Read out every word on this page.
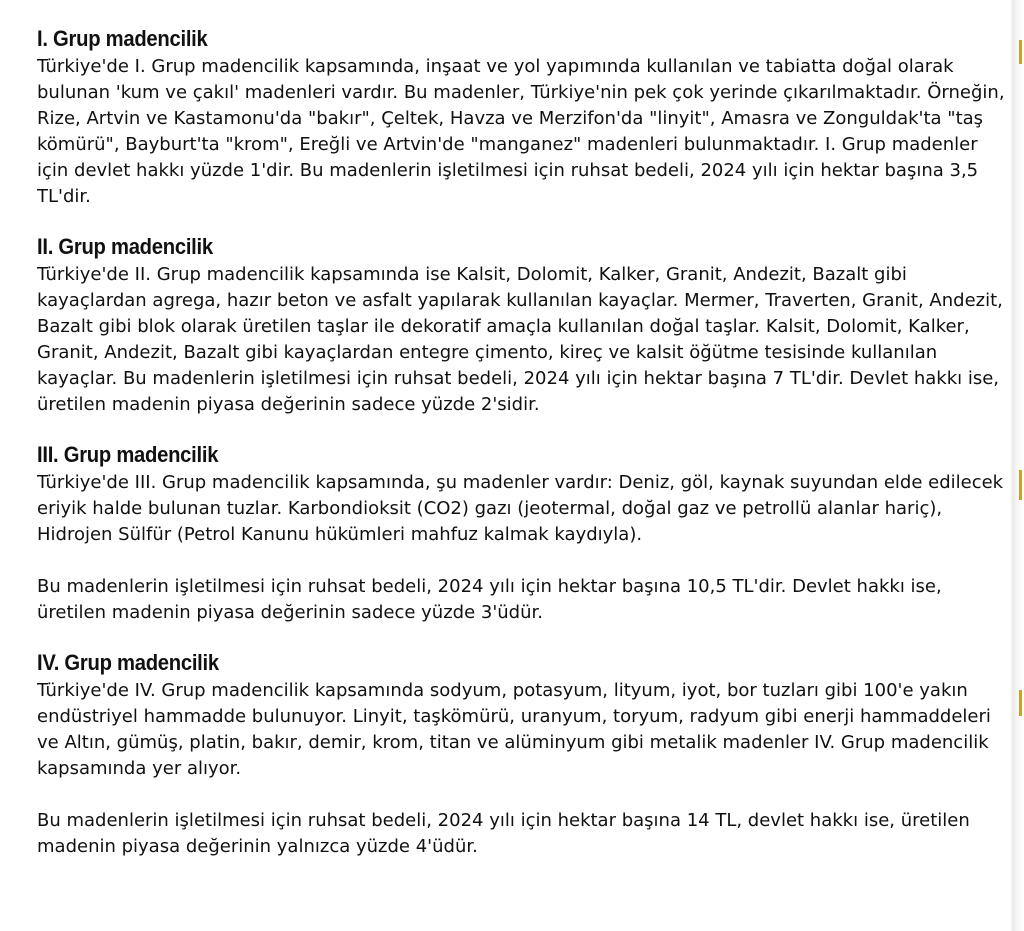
I. Grup madencilik

Türkiye'de I. Grup madencilik kapsamında, inşaat ve yol yapımında kullanılan ve tabiatta doğal olarak bulunan 'kum ve çakıl' madenleri vardır. Bu madenler, Türkiye'nin pek çok yerinde çıkarılmaktadır. Örneğin, Rize, Artvin ve Kastamonu'da "bakır", Çeltek, Havza ve Merzifon'da "linyit", Amasra ve Zonguldak'ta "taş kömürü", Bayburt'ta "krom", Ereğli ve Artvin'de "manganez" madenleri bulunmaktadır. I. Grup madenler için devlet hakkı yüzde 1'dir. Bu madenlerin işletilmesi için ruhsat bedeli, 2024 yılı için hektar başına 3,5 TL'dir.

II. Grup madencilik

Türkiye'de II. Grup madencilik kapsamında ise Kalsit, Dolomit, Kalker, Granit, Andezit, Bazalt gibi kayaçlardan agrega, hazır beton ve asfalt yapılarak kullanılan kayaçlar. Mermer, Traverten, Granit, Andezit, Bazalt gibi blok olarak üretilen taşlar ile dekoratif amaçla kullanılan doğal taşlar. Kalsit, Dolomit, Kalker, Granit, Andezit, Bazalt gibi kayaçlardan entegre çimento, kireç ve kalsit öğütme tesisinde kullanılan kayaçlar. Bu madenlerin işletilmesi için ruhsat bedeli, 2024 yılı için hektar başına 7 TL'dir. Devlet hakkı ise, üretilen madenin piyasa değerinin sadece yüzde 2'sidir.

III. Grup madencilik

Türkiye'de III. Grup madencilik kapsamında, şu madenler vardır: Deniz, göl, kaynak suyundan elde edilecek eriyik halde bulunan tuzlar. Karbondioksit (CO2) gazı (jeotermal, doğal gaz ve petrollü alanlar hariç), Hidrojen Sülfür (Petrol Kanunu hükümleri mahfuz kalmak kaydıyla).

Bu madenlerin işletilmesi için ruhsat bedeli, 2024 yılı için hektar başına 10,5 TL'dir. Devlet hakkı ise, üretilen madenin piyasa değerinin sadece yüzde 3'üdür.

IV. Grup madencilik

Türkiye'de IV. Grup madencilik kapsamında sodyum, potasyum, lityum, iyot, bor tuzları gibi 100'e yakın endüstriyel hammadde bulunuyor. Linyit, taşkömürü, uranyum, toryum, radyum gibi enerji hammaddeleri ve Altın, gümüş, platin, bakır, demir, krom, titan ve alüminyum gibi metalik madenler IV. Grup madencilik kapsamında yer alıyor.

Bu madenlerin işletilmesi için ruhsat bedeli, 2024 yılı için hektar başına 14 TL, devlet hakkı ise, üretilen madenin piyasa değerinin yalnızca yüzde 4'üdür.
